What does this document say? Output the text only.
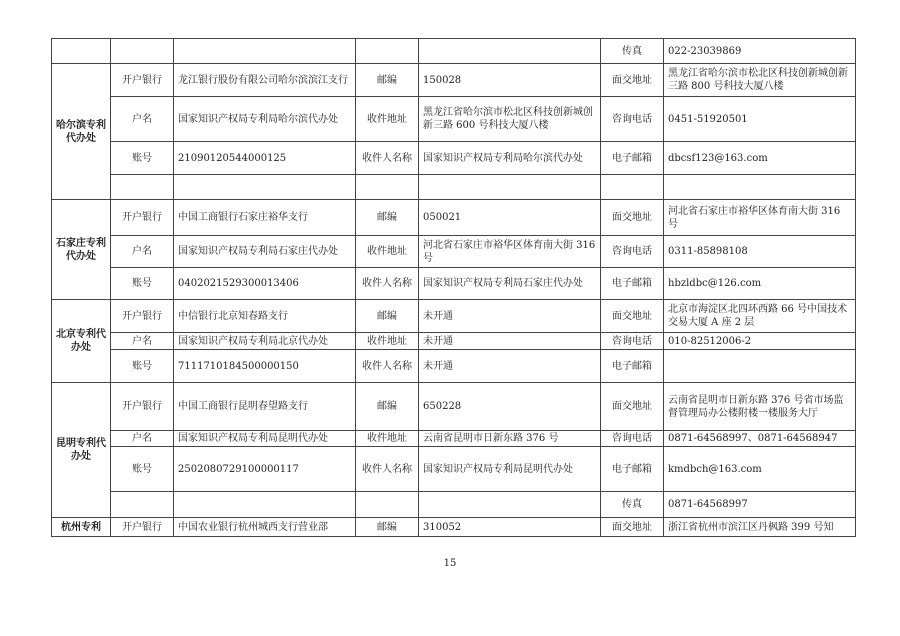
					传真	022-23039869
哈尔滨专利代办处	开户银行	龙江银行股份有限公司哈尔滨滨江支行	邮编	150028	面交地址	黑龙江省哈尔滨市松北区科技创新城创新三路 800 号科技大厦八楼
	户名	国家知识产权局专利局哈尔滨代办处	收件地址	黑龙江省哈尔滨市松北区科技创新城创新三路 600 号科技大厦八楼	咨询电话	0451-51920501
	账号	21090120544000125	收件人名称	国家知识产权局专利局哈尔滨代办处	电子邮箱	dbcsf123@163.com

石家庄专利代办处	开户银行	中国工商银行石家庄裕华支行	邮编	050021	面交地址	河北省石家庄市裕华区体育南大街 316 号
	户名	国家知识产权局专利局石家庄代办处	收件地址	河北省石家庄市裕华区体育南大街 316 号	咨询电话	0311-85898108
	账号	0402021529300013406	收件人名称	国家知识产权局专利局石家庄代办处	电子邮箱	hbzldbc@126.com
北京专利代办处	开户银行	中信银行北京知春路支行	邮编	未开通	面交地址	北京市海淀区北四环西路 66 号中国技术交易大厦 A 座 2 层
	户名	国家知识产权局专利局北京代办处	收件地址	未开通	咨询电话	010-82512006-2
	账号	7111710184500000150	收件人名称	未开通	电子邮箱	
昆明专利代办处	开户银行	中国工商银行昆明春望路支行	邮编	650228	面交地址	云南省昆明市日新东路 376 号省市场监督管理局办公楼附楼一楼服务大厅
	户名	国家知识产权局专利局昆明代办处	收件地址	云南省昆明市日新东路 376 号	咨询电话	0871-64568997、0871-64568947
	账号	2502080729100000117	收件人名称	国家知识产权局专利局昆明代办处	电子邮箱	kmdbch@163.com
					传真	0871-64568997
杭州专利	开户银行	中国农业银行杭州城西支行营业部	邮编	310052	面交地址	浙江省杭州市滨江区丹枫路 399 号知
15
